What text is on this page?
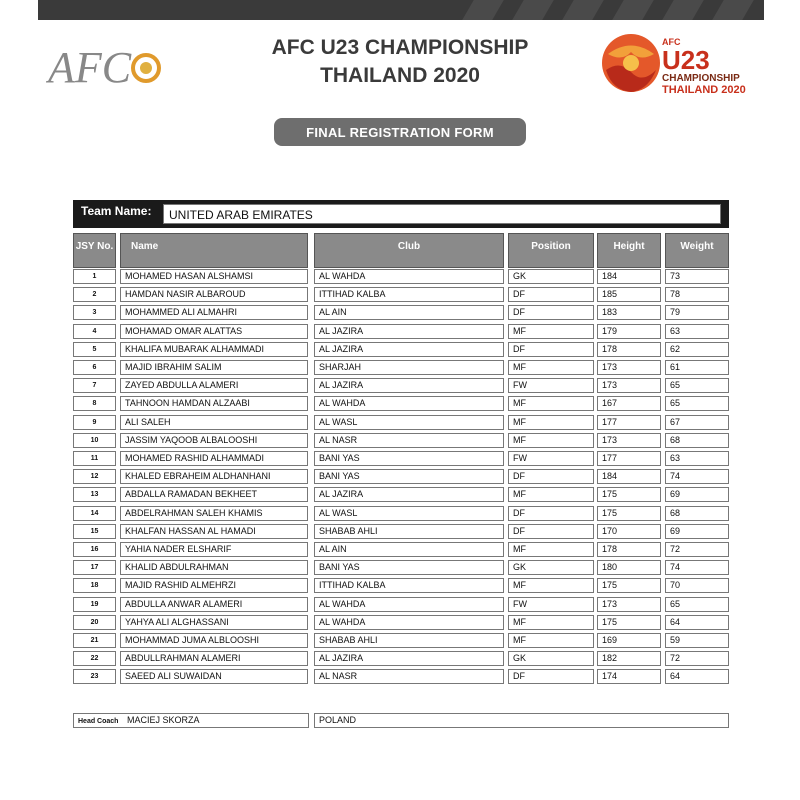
AFC	AFC U23 CHAMPIONSHIP
THAILAND 2020
AFC
U23
CHAMPIONSHIP
THAILAND 2020
FINAL REGISTRATION FORM
Team Name:	UNITED ARAB EMIRATES
JSY No.	Name	Club	Position	Height	Weight
1	MOHAMED HASAN ALSHAMSI	AL WAHDA	GK	184	73
2	HAMDAN NASIR ALBAROUD	ITTIHAD KALBA	DF	185	78
3	MOHAMMED ALI ALMAHRI	AL AIN	DF	183	79
4	MOHAMAD OMAR ALATTAS	AL JAZIRA	MF	179	63
5	KHALIFA MUBARAK ALHAMMADI	AL JAZIRA	DF	178	62
6	MAJID IBRAHIM SALIM	SHARJAH	MF	173	61
7	ZAYED ABDULLA ALAMERI	AL JAZIRA	FW	173	65
8	TAHNOON HAMDAN ALZAABI	AL WAHDA	MF	167	65
9	ALI SALEH	AL WASL	MF	177	67
10	JASSIM YAQOOB ALBALOOSHI	AL NASR	MF	173	68
11	MOHAMED RASHID ALHAMMADI	BANI YAS	FW	177	63
12	KHALED EBRAHEIM ALDHANHANI	BANI YAS	DF	184	74
13	ABDALLA RAMADAN BEKHEET	AL JAZIRA	MF	175	69
14	ABDELRAHMAN SALEH KHAMIS	AL WASL	DF	175	68
15	KHALFAN HASSAN AL HAMADI	SHABAB AHLI	DF	170	69
16	YAHIA NADER ELSHARIF	AL AIN	MF	178	72
17	KHALID ABDULRAHMAN	BANI YAS	GK	180	74
18	MAJID RASHID ALMEHRZI	ITTIHAD KALBA	MF	175	70
19	ABDULLA ANWAR ALAMERI	AL WAHDA	FW	173	65
20	YAHYA ALI ALGHASSANI	AL WAHDA	MF	175	64
21	MOHAMMAD JUMA ALBLOOSHI	SHABAB AHLI	MF	169	59
22	ABDULLRAHMAN ALAMERI	AL JAZIRA	GK	182	72
23	SAEED ALI SUWAIDAN	AL NASR	DF	174	64
Head Coach MACIEJ SKORZA	POLAND
